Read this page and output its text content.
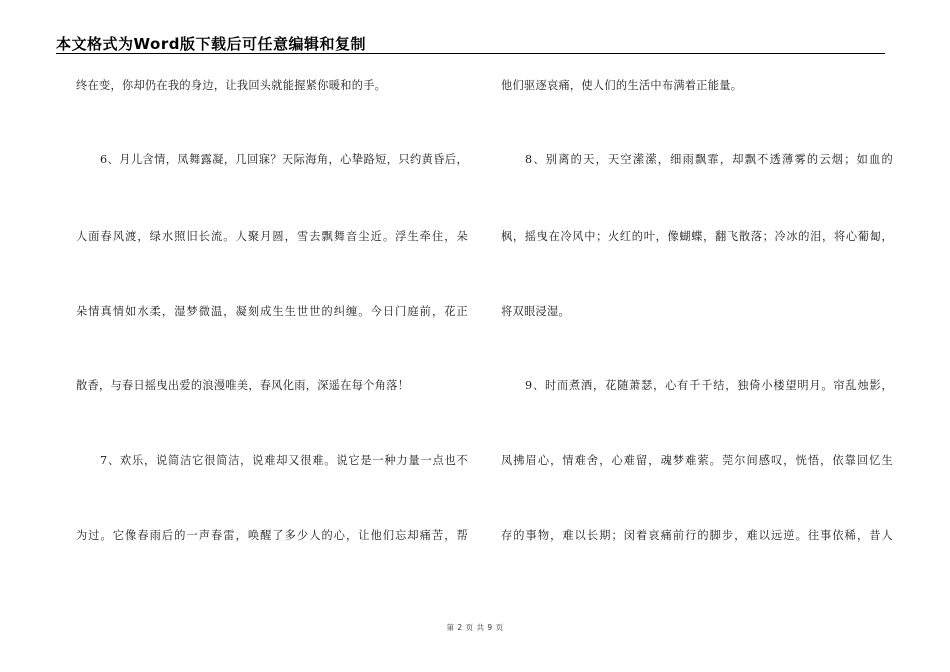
本文格式为Word版下载后可任意编辑和复制
终在变，你却仍在我的身边，让我回头就能握紧你暖和的手。
6、月儿含情，凤舞露凝，几回寐？天际海角，心挚路短，只约黄昏后，
人面春风渡，绿水照旧长流。人聚月圆，雪去飘舞音尘近。浮生牵住，朵
朵情真情如水柔，湿梦微温，凝刻成生生世世的纠缠。今日门庭前，花正
散香，与春日摇曳出爱的浪漫唯美，春风化雨，深遥在每个角落！
7、欢乐，说简洁它很简洁，说难却又很难。说它是一种力量一点也不
为过。它像春雨后的一声春雷，唤醒了多少人的心，让他们忘却痛苦，帮
他们驱逐哀痛，使人们的生活中布满着正能量。
8、别离的天，天空潆潆，细雨飘霏，却飘不透薄雾的云烟；如血的
枫，摇曳在冷风中；火红的叶，像蝴蝶，翻飞散落；冷冰的泪，将心葡匐，
将双眼浸湿。
9、时而煮酒，花随萧瑟，心有千千结，独倚小楼望明月。帘乱烛影，
凤拂眉心，情难舍，心难留，魂梦难萦。莞尔间感叹，恍悟，依靠回忆生
存的事物，难以长期；闵着哀痛前行的脚步，难以远逆。往事依稀，昔人
第 2 页 共 9 页
